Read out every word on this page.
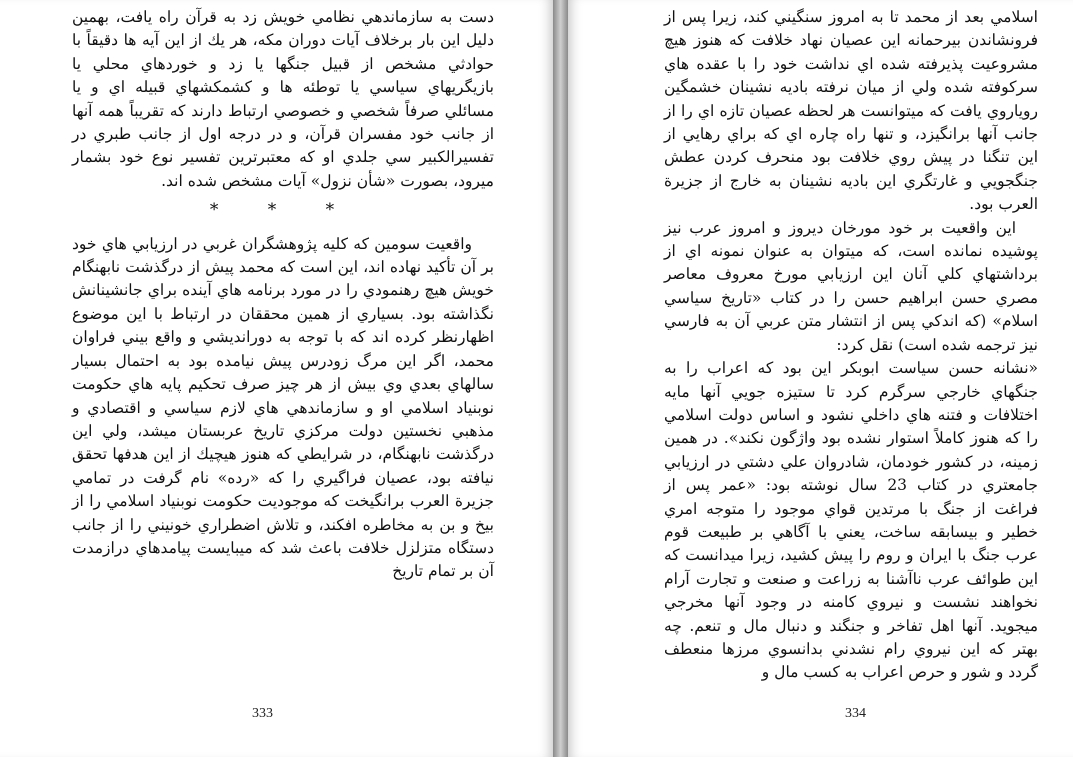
دست به سازماندهي نظامي خويش زد به قرآن راه يافت، بهمين دليل اين بار برخلاف آيات دوران مكه، هر يك از اين آيه ها دقيقاً با حوادثي مشخص از قبيل جنگها يا زد و خوردهاي محلي يا بازيگريهاي سياسي يا توطئه ها و كشمكشهاي قبيله اي و يا مسائلي صرفاً شخصي و خصوصي ارتباط دارند كه تقريباً همه آنها از جانب خود مفسران قرآن، و در درجه اول از جانب طبري در تفسيرالكبير سي جلدي او كه معتبرترين تفسير نوع خود بشمار ميرود، بصورت «شأن نزول» آيات مشخص شده اند.

* * *

واقعيت سومين كه كليه پژوهشگران غربي در ارزيابي هاي خود بر آن تأكيد نهاده اند، اين است كه محمد پيش از درگذشت نابهنگام خويش هيچ رهنمودي را در مورد برنامه هاي آينده براي جانشينانش نگذاشته بود. بسياري از همين محققان در ارتباط با اين موضوع اظهارنظر كرده اند كه با توجه به دوراندیشي و واقع بيني فراوان محمد، اگر اين مرگ زودرس پيش نيامده بود به احتمال بسيار سالهاي بعدي وي بيش از هر چيز صرف تحكيم پايه هاي حكومت نوبنياد اسلامي او و سازماندهي هاي لازم سياسي و اقتصادي و مذهبي نخستين دولت مركزي تاريخ عربستان ميشد، ولي اين درگذشت نابهنگام، در شرايطي كه هنوز هيچيك از اين هدفها تحقق نيافته بود، عصيان فراگيري را كه «رده» نام گرفت در تمامي جزيرة العرب برانگيخت كه موجوديت حكومت نوبنياد اسلامي را از بيخ و بن به مخاطره افكند، و تلاش اضطراري خونيني را از جانب دستگاه متزلزل خلافت باعث شد كه ميبايست پيامدهاي درازمدت آن بر تمام تاريخ

333

اسلامي بعد از محمد تا به امروز سنگيني كند، زيرا پس از فرونشاندن بيرحمانه اين عصيان نهاد خلافت كه هنوز هيچ مشروعيت پذيرفته شده اي نداشت خود را با عقده هاي سركوفته شده ولي از ميان نرفته باديه نشينان خشمگين روياروي يافت كه ميتوانست هر لحظه عصيان تازه اي را از جانب آنها برانگيزد، و تنها راه چاره اي كه براي رهايي از اين تنگنا در پيش روي خلافت بود منحرف كردن عطش جنگجويي و غارتگري اين باديه نشينان به خارج از جزيرة العرب بود.

اين واقعيت بر خود مورخان ديروز و امروز عرب نيز پوشيده نمانده است، كه ميتوان به عنوان نمونه اي از برداشتهاي كلي آنان اين ارزيابي مورخ معروف معاصر مصري حسن ابراهيم حسن را در كتاب «تاريخ سياسي اسلام» (كه اندكي پس از انتشار متن عربي آن به فارسي نيز ترجمه شده است) نقل كرد:

«نشانه حسن سياست ابوبكر اين بود كه اعراب را به جنگهاي خارجي سرگرم كرد تا ستيزه جويي آنها مايه اختلافات و فتنه هاي داخلي نشود و اساس دولت اسلامي را كه هنوز كاملاً استوار نشده بود واژگون نكند». در همين زمينه، در كشور خودمان، شادروان علي دشتي در ارزيابي جامعتري در كتاب 23 سال نوشته بود: «عمر پس از فراغت از جنگ با مرتدين قواي موجود را متوجه امري خطير و بيسابقه ساخت، يعني با آگاهي بر طبيعت قوم عرب جنگ با ايران و روم را پيش كشيد، زيرا ميدانست كه اين طوائف عرب ناآشنا به زراعت و صنعت و تجارت آرام نخواهند نشست و نيروي كامنه در وجود آنها مخرجي ميجويد. آنها اهل تفاخر و جنگند و دنبال مال و تنعم. چه بهتر كه اين نيروي رام نشدني بدانسوي مرزها منعطف گردد و شور و حرص اعراب به كسب مال و

334
